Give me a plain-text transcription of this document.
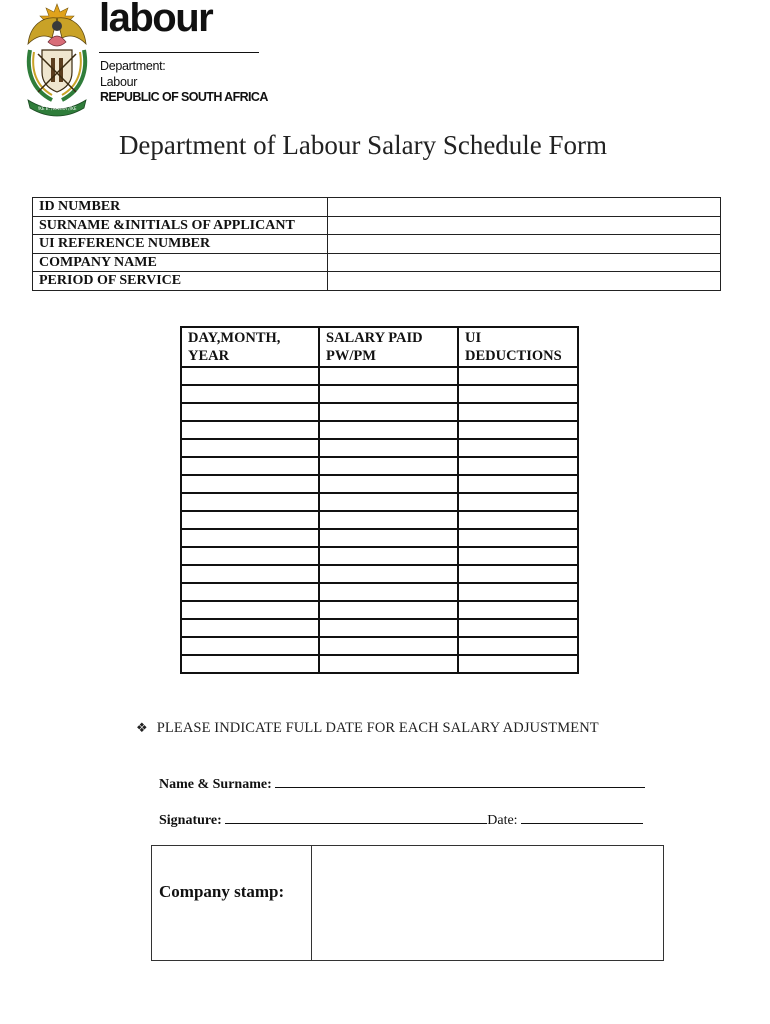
!KE E: /XARRA //KE
labour
Department:
Labour
REPUBLIC OF SOUTH AFRICA
Department of Labour Salary Schedule Form
ID NUMBER	
SURNAME &INITIALS OF APPLICANT	
UI REFERENCE NUMBER	
COMPANY NAME	
PERIOD OF SERVICE	
DAY,MONTH, YEAR	SALARY PAID PW/PM	UI DEDUCTIONS

❖ PLEASE INDICATE FULL DATE FOR EACH SALARY ADJUSTMENT
Name & Surname:
Signature:	Date:
Company stamp:
